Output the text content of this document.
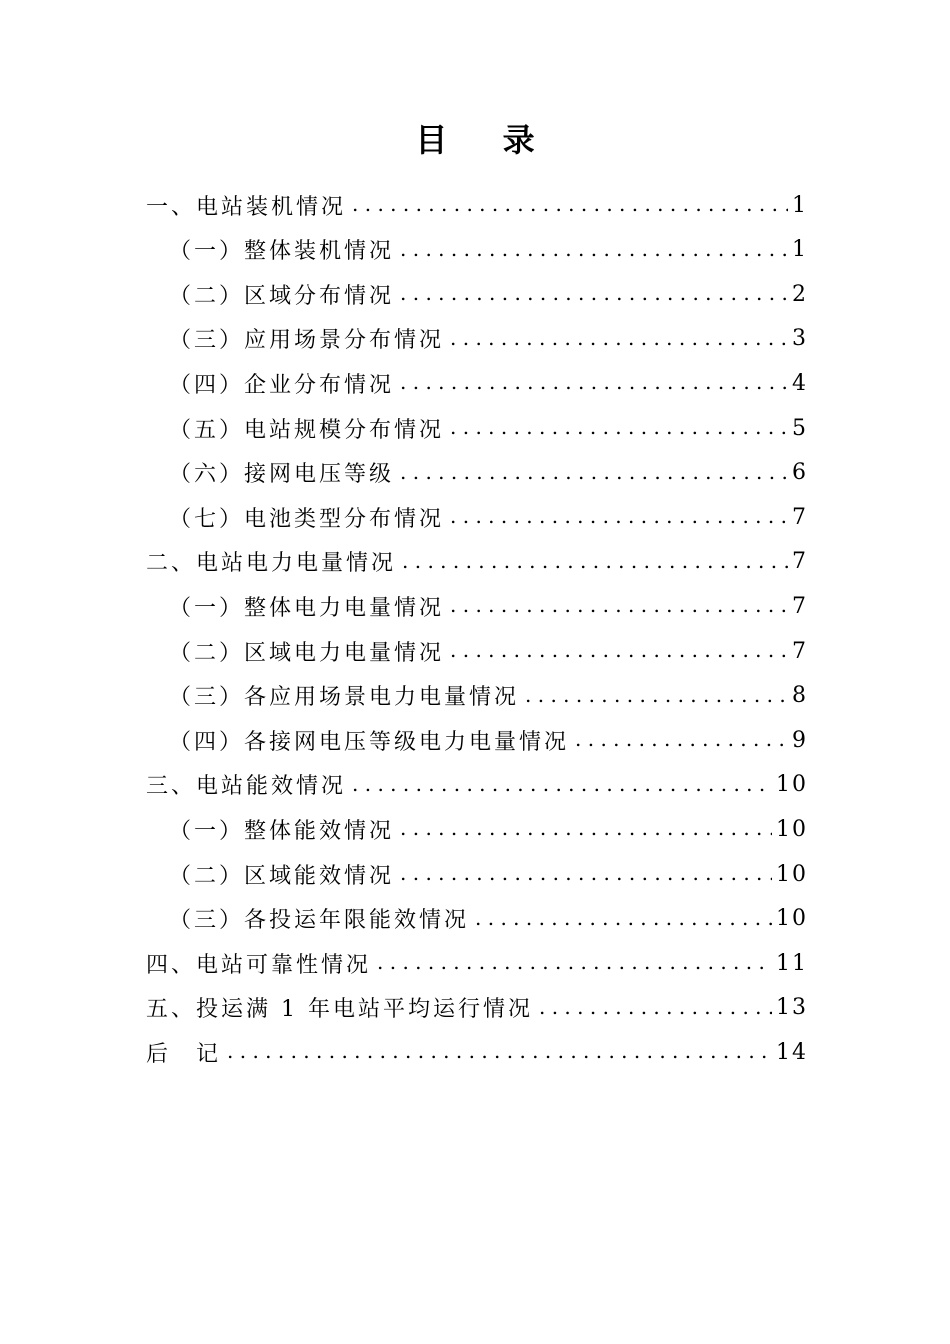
目 录
一、电站装机情况 . . .	1
（一）整体装机情况 . . .	1
（二）区域分布情况 . . .	2
（三）应用场景分布情况 . . .	3
（四）企业分布情况 . . .	4
（五）电站规模分布情况 . . .	5
（六）接网电压等级 . . .	6
（七）电池类型分布情况 . . .	7
二、电站电力电量情况 . . .	7
（一）整体电力电量情况 . . .	7
（二）区域电力电量情况 . . .	7
（三）各应用场景电力电量情况 . . .	8
（四）各接网电压等级电力电量情况 . . .	9
三、电站能效情况 . . .	10
（一）整体能效情况 . . .	10
（二）区域能效情况 . . .	10
（三）各投运年限能效情况 . . .	10
四、电站可靠性情况 . . .	11
五、投运满 1 年电站平均运行情况 . . .	13
后　记 . . .	14
